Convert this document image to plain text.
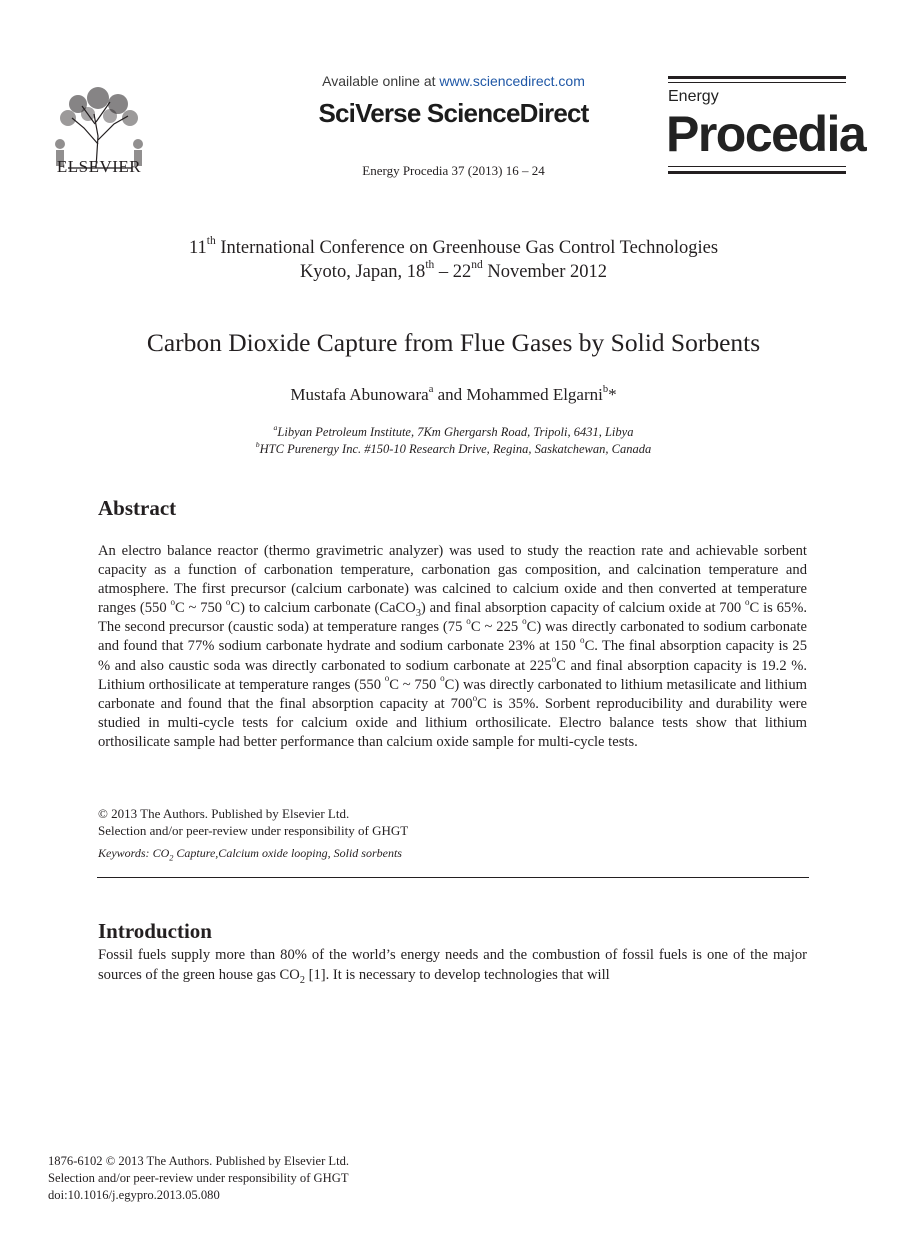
ELSEVIER
Available online at www.sciencedirect.com
SciVerse ScienceDirect
Energy Procedia 37 (2013) 16 – 24
Energy
Procedia
11th International Conference on Greenhouse Gas Control Technologies
Kyoto, Japan, 18th – 22nd November 2012
Carbon Dioxide Capture from Flue Gases by Solid Sorbents
Mustafa Abunowara$^a$ and Mohammed Elgarni$^b$*
$^a$Libyan Petroleum Institute, 7Km Ghergarsh Road, Tripoli, 6431, Libya
$^b$HTC Purenergy Inc. #150-10 Research Drive, Regina, Saskatchewan, Canada
Abstract
An electro balance reactor (thermo gravimetric analyzer) was used to study the reaction rate and achievable sorbent capacity as a function of carbonation temperature, carbonation gas composition, and calcination temperature and atmosphere. The first precursor (calcium carbonate) was calcined to calcium oxide and then converted at temperature ranges (550 $^o$C ~ 750 $^o$C) to calcium carbonate (CaCO$_3$) and final absorption capacity of calcium oxide at 700 $^o$C is 65%. The second precursor (caustic soda) at temperature ranges (75 $^o$C ~ 225 $^o$C) was directly carbonated to sodium carbonate and found that 77% sodium carbonate hydrate and sodium carbonate 23% at 150 $^o$C. The final absorption capacity is 25 % and also caustic soda was directly carbonated to sodium carbonate at 225$^o$C and final absorption capacity is 19.2 %. Lithium orthosilicate at temperature ranges (550 $^o$C ~ 750 $^o$C) was directly carbonated to lithium metasilicate and lithium carbonate and found that the final absorption capacity at 700$^o$C is 35%. Sorbent reproducibility and durability were studied in multi-cycle tests for calcium oxide and lithium orthosilicate. Electro balance tests show that lithium orthosilicate sample had better performance than calcium oxide sample for multi-cycle tests.
© 2013 The Authors. Published by Elsevier Ltd.
Selection and/or peer-review under responsibility of GHGT
Keywords: $CO_2$ Capture,Calcium oxide looping, Solid sorbents
Introduction
Fossil fuels supply more than 80% of the world’s energy needs and the combustion of fossil fuels is one of the major sources of the green house gas $CO_2$ [1]. It is necessary to develop technologies that will
1876-6102 © 2013 The Authors. Published by Elsevier Ltd.
Selection and/or peer-review under responsibility of GHGT
doi:10.1016/j.egypro.2013.05.080
